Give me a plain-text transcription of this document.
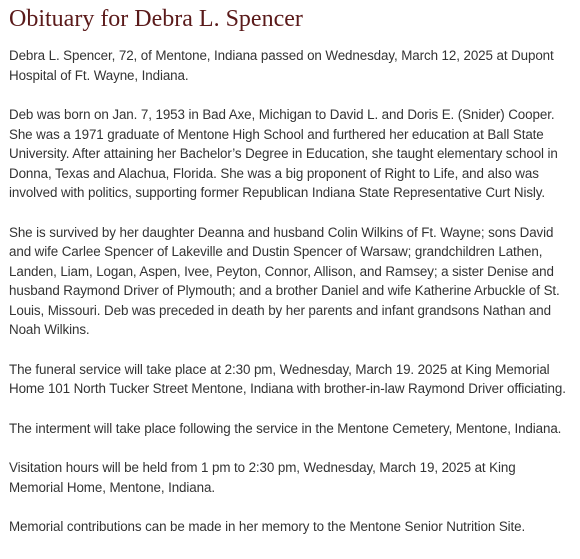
Obituary for Debra L. Spencer

Debra L. Spencer, 72, of Mentone, Indiana passed on Wednesday, March 12, 2025 at Dupont Hospital of Ft. Wayne, Indiana.

Deb was born on Jan. 7, 1953 in Bad Axe, Michigan to David L. and Doris E. (Snider) Cooper. She was a 1971 graduate of Mentone High School and furthered her education at Ball State University. After attaining her Bachelor’s Degree in Education, she taught elementary school in Donna, Texas and Alachua, Florida. She was a big proponent of Right to Life, and also was involved with politics, supporting former Republican Indiana State Representative Curt Nisly.

She is survived by her daughter Deanna and husband Colin Wilkins of Ft. Wayne; sons David and wife Carlee Spencer of Lakeville and Dustin Spencer of Warsaw; grandchildren Lathen, Landen, Liam, Logan, Aspen, Ivee, Peyton, Connor, Allison, and Ramsey; a sister Denise and husband Raymond Driver of Plymouth; and a brother Daniel and wife Katherine Arbuckle of St. Louis, Missouri. Deb was preceded in death by her parents and infant grandsons Nathan and Noah Wilkins.

The funeral service will take place at 2:30 pm, Wednesday, March 19. 2025 at King Memorial Home 101 North Tucker Street Mentone, Indiana with brother-in-law Raymond Driver officiating.

The interment will take place following the service in the Mentone Cemetery, Mentone, Indiana.

Visitation hours will be held from 1 pm to 2:30 pm, Wednesday, March 19, 2025 at King Memorial Home, Mentone, Indiana.

Memorial contributions can be made in her memory to the Mentone Senior Nutrition Site.
